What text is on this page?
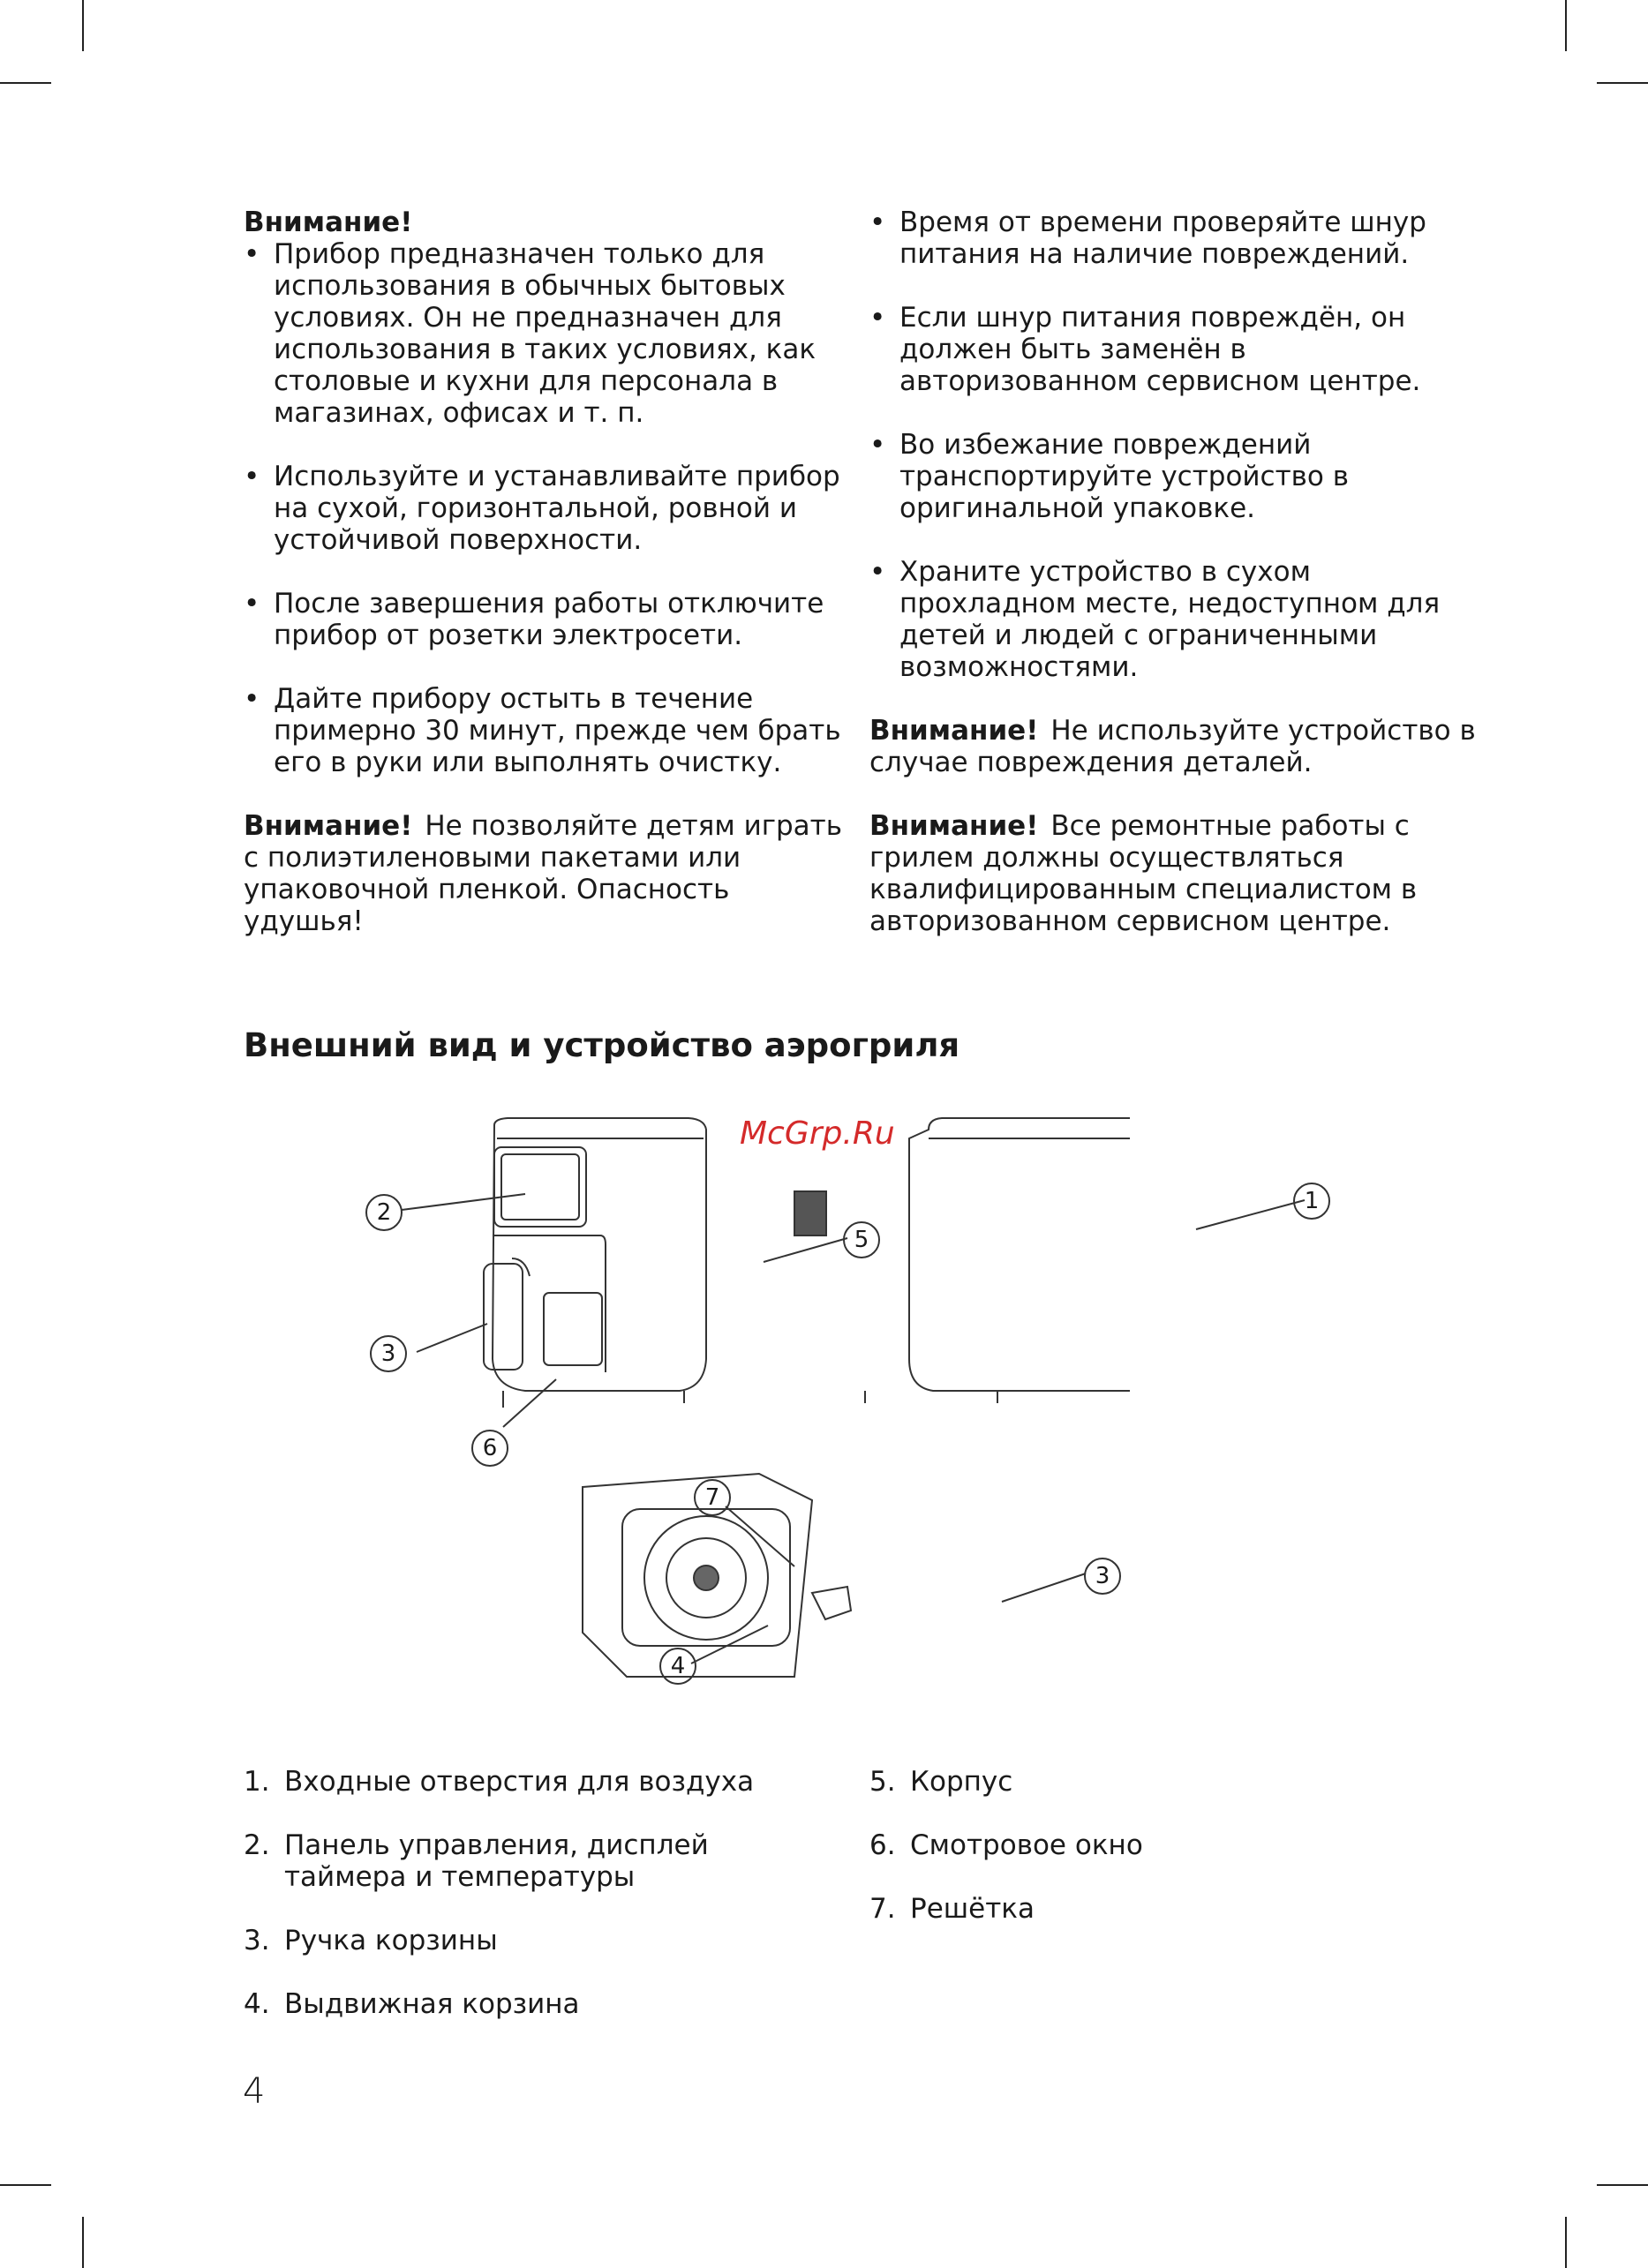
Внимание!
• Прибор предназначен только для использования в обычных бытовых условиях. Он не предназначен для использования в таких условиях, как столовые и кухни для персонала в магазинах, офисах и т. п.
• Используйте и устанавливайте прибор на сухой, горизонтальной, ровной и устойчивой поверхности.
• После завершения работы отключите прибор от розетки электросети.
• Дайте прибору остыть в течение примерно 30 минут, прежде чем брать его в руки или выполнять очистку.
Внимание! Не позволяйте детям играть с полиэтиленовыми пакетами или упаковочной пленкой. Опасность удушья!
• Время от времени проверяйте шнур питания на наличие повреждений.
• Если шнур питания повреждён, он должен быть заменён в авторизованном сервисном центре.
• Во избежание повреждений транспортируйте устройство в оригинальной упаковке.
• Храните устройство в сухом прохладном месте, недоступном для детей и людей с ограниченными возможностями.
Внимание! Не используйте устройство в случае повреждения деталей.
Внимание! Все ремонтные работы с грилем должны осуществляться квалифицированным специалистом в авторизованном сервисном центре.
Внешний вид и устройство аэрогриля
1
2
3
4
5
6
7
3
McGrp.Ru
1. Входные отверстия для воздуха
2. Панель управления, дисплей таймера и температуры
3. Ручка корзины
4. Выдвижная корзина
5. Корпус
6. Смотровое окно
7. Решётка
4
